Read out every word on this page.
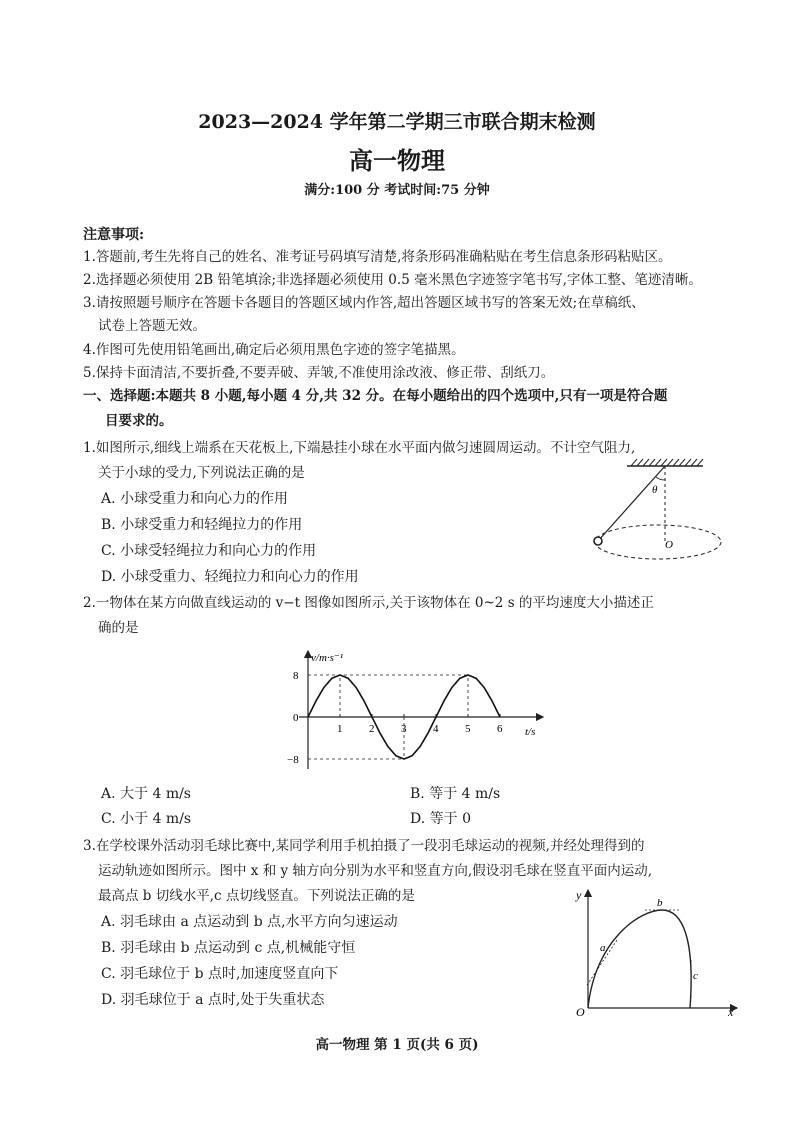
2023—2024 学年第二学期三市联合期末检测
高一物理
满分:100 分 考试时间:75 分钟
注意事项:
1.答题前,考生先将自己的姓名、准考证号码填写清楚,将条形码准确粘贴在考生信息条形码粘贴区。
2.选择题必须使用 2B 铅笔填涂;非选择题必须使用 0.5 毫米黑色字迹签字笔书写,字体工整、笔迹清晰。
3.请按照题号顺序在答题卡各题目的答题区域内作答,超出答题区域书写的答案无效;在草稿纸、
试卷上答题无效。
4.作图可先使用铅笔画出,确定后必须用黑色字迹的签字笔描黑。
5.保持卡面清洁,不要折叠,不要弄破、弄皱,不准使用涂改液、修正带、刮纸刀。
一、选择题:本题共 8 小题,每小题 4 分,共 32 分。在每小题给出的四个选项中,只有一项是符合题
目要求的。
1.如图所示,细线上端系在天花板上,下端悬挂小球在水平面内做匀速圆周运动。不计空气阻力,
关于小球的受力,下列说法正确的是
A. 小球受重力和向心力的作用
B. 小球受重力和轻绳拉力的作用
C. 小球受轻绳拉力和向心力的作用
D. 小球受重力、轻绳拉力和向心力的作用
θ
O
2.一物体在某方向做直线运动的 v−t 图像如图所示,关于该物体在 0~2 s 的平均速度大小描述正
确的是
v/m·s⁻¹
t/s
0
1 2 3 4 5 6
8
−8
A. 大于 4 m/s	B. 等于 4 m/s
C. 小于 4 m/s	D. 等于 0
3.在学校课外活动羽毛球比赛中,某同学利用手机拍摄了一段羽毛球运动的视频,并经处理得到的
运动轨迹如图所示。图中 x 和 y 轴方向分别为水平和竖直方向,假设羽毛球在竖直平面内运动,
最高点 b 切线水平,c 点切线竖直。下列说法正确的是
A. 羽毛球由 a 点运动到 b 点,水平方向匀速运动
B. 羽毛球由 b 点运动到 c 点,机械能守恒
C. 羽毛球位于 b 点时,加速度竖直向下
D. 羽毛球位于 a 点时,处于失重状态
y
x
O
a
b
c
高一物理 第 1 页(共 6 页)
